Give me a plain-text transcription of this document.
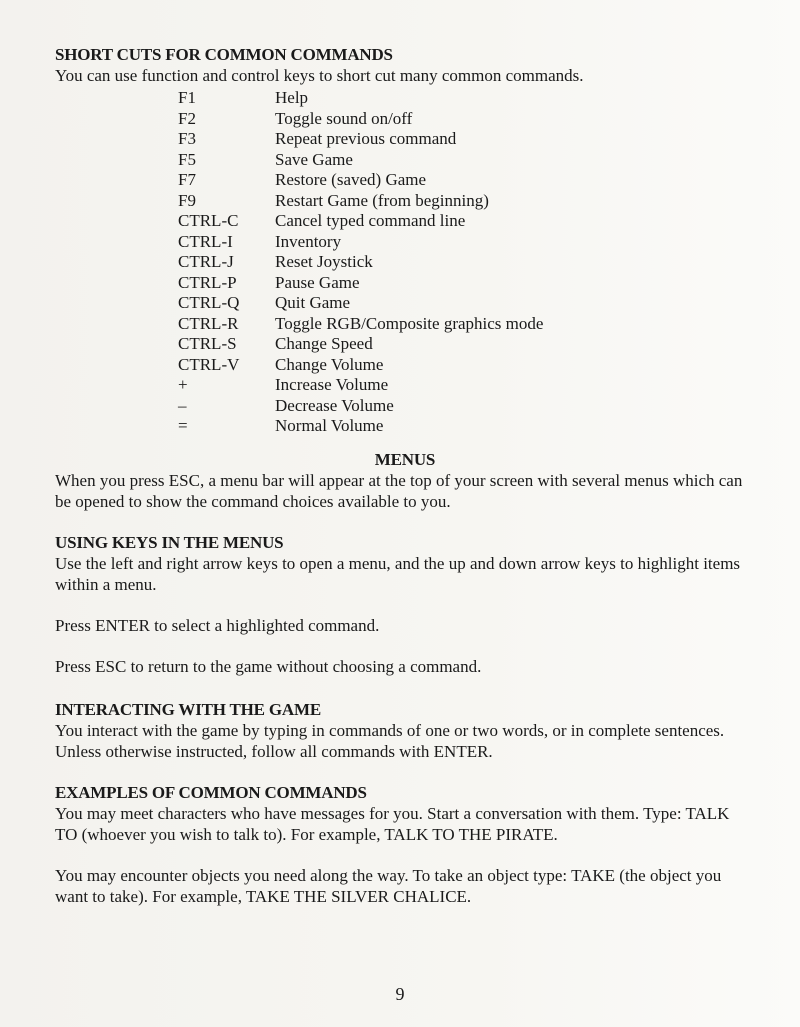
SHORT CUTS FOR COMMON COMMANDS

You can use function and control keys to short cut many common commands.

F1	Help
F2	Toggle sound on/off
F3	Repeat previous command
F5	Save Game
F7	Restore (saved) Game
F9	Restart Game (from beginning)
CTRL-C	Cancel typed command line
CTRL-I	Inventory
CTRL-J	Reset Joystick
CTRL-P	Pause Game
CTRL-Q	Quit Game
CTRL-R	Toggle RGB/Composite graphics mode
CTRL-S	Change Speed
CTRL-V	Change Volume
+	Increase Volume
–	Decrease Volume
=	Normal Volume
MENUS

When you press ESC, a menu bar will appear at the top of your screen with several menus which can be opened to show the command choices available to you.

USING KEYS IN THE MENUS

Use the left and right arrow keys to open a menu, and the up and down arrow keys to highlight items within a menu.

Press ENTER to select a highlighted command.

Press ESC to return to the game without choosing a command.

INTERACTING WITH THE GAME

You interact with the game by typing in commands of one or two words, or in complete sentences. Unless otherwise instructed, follow all commands with ENTER.

EXAMPLES OF COMMON COMMANDS

You may meet characters who have messages for you. Start a conversation with them. Type: TALK TO (whoever you wish to talk to). For example, TALK TO THE PIRATE.

You may encounter objects you need along the way. To take an object type: TAKE (the object you want to take). For example, TAKE THE SILVER CHALICE.

9
